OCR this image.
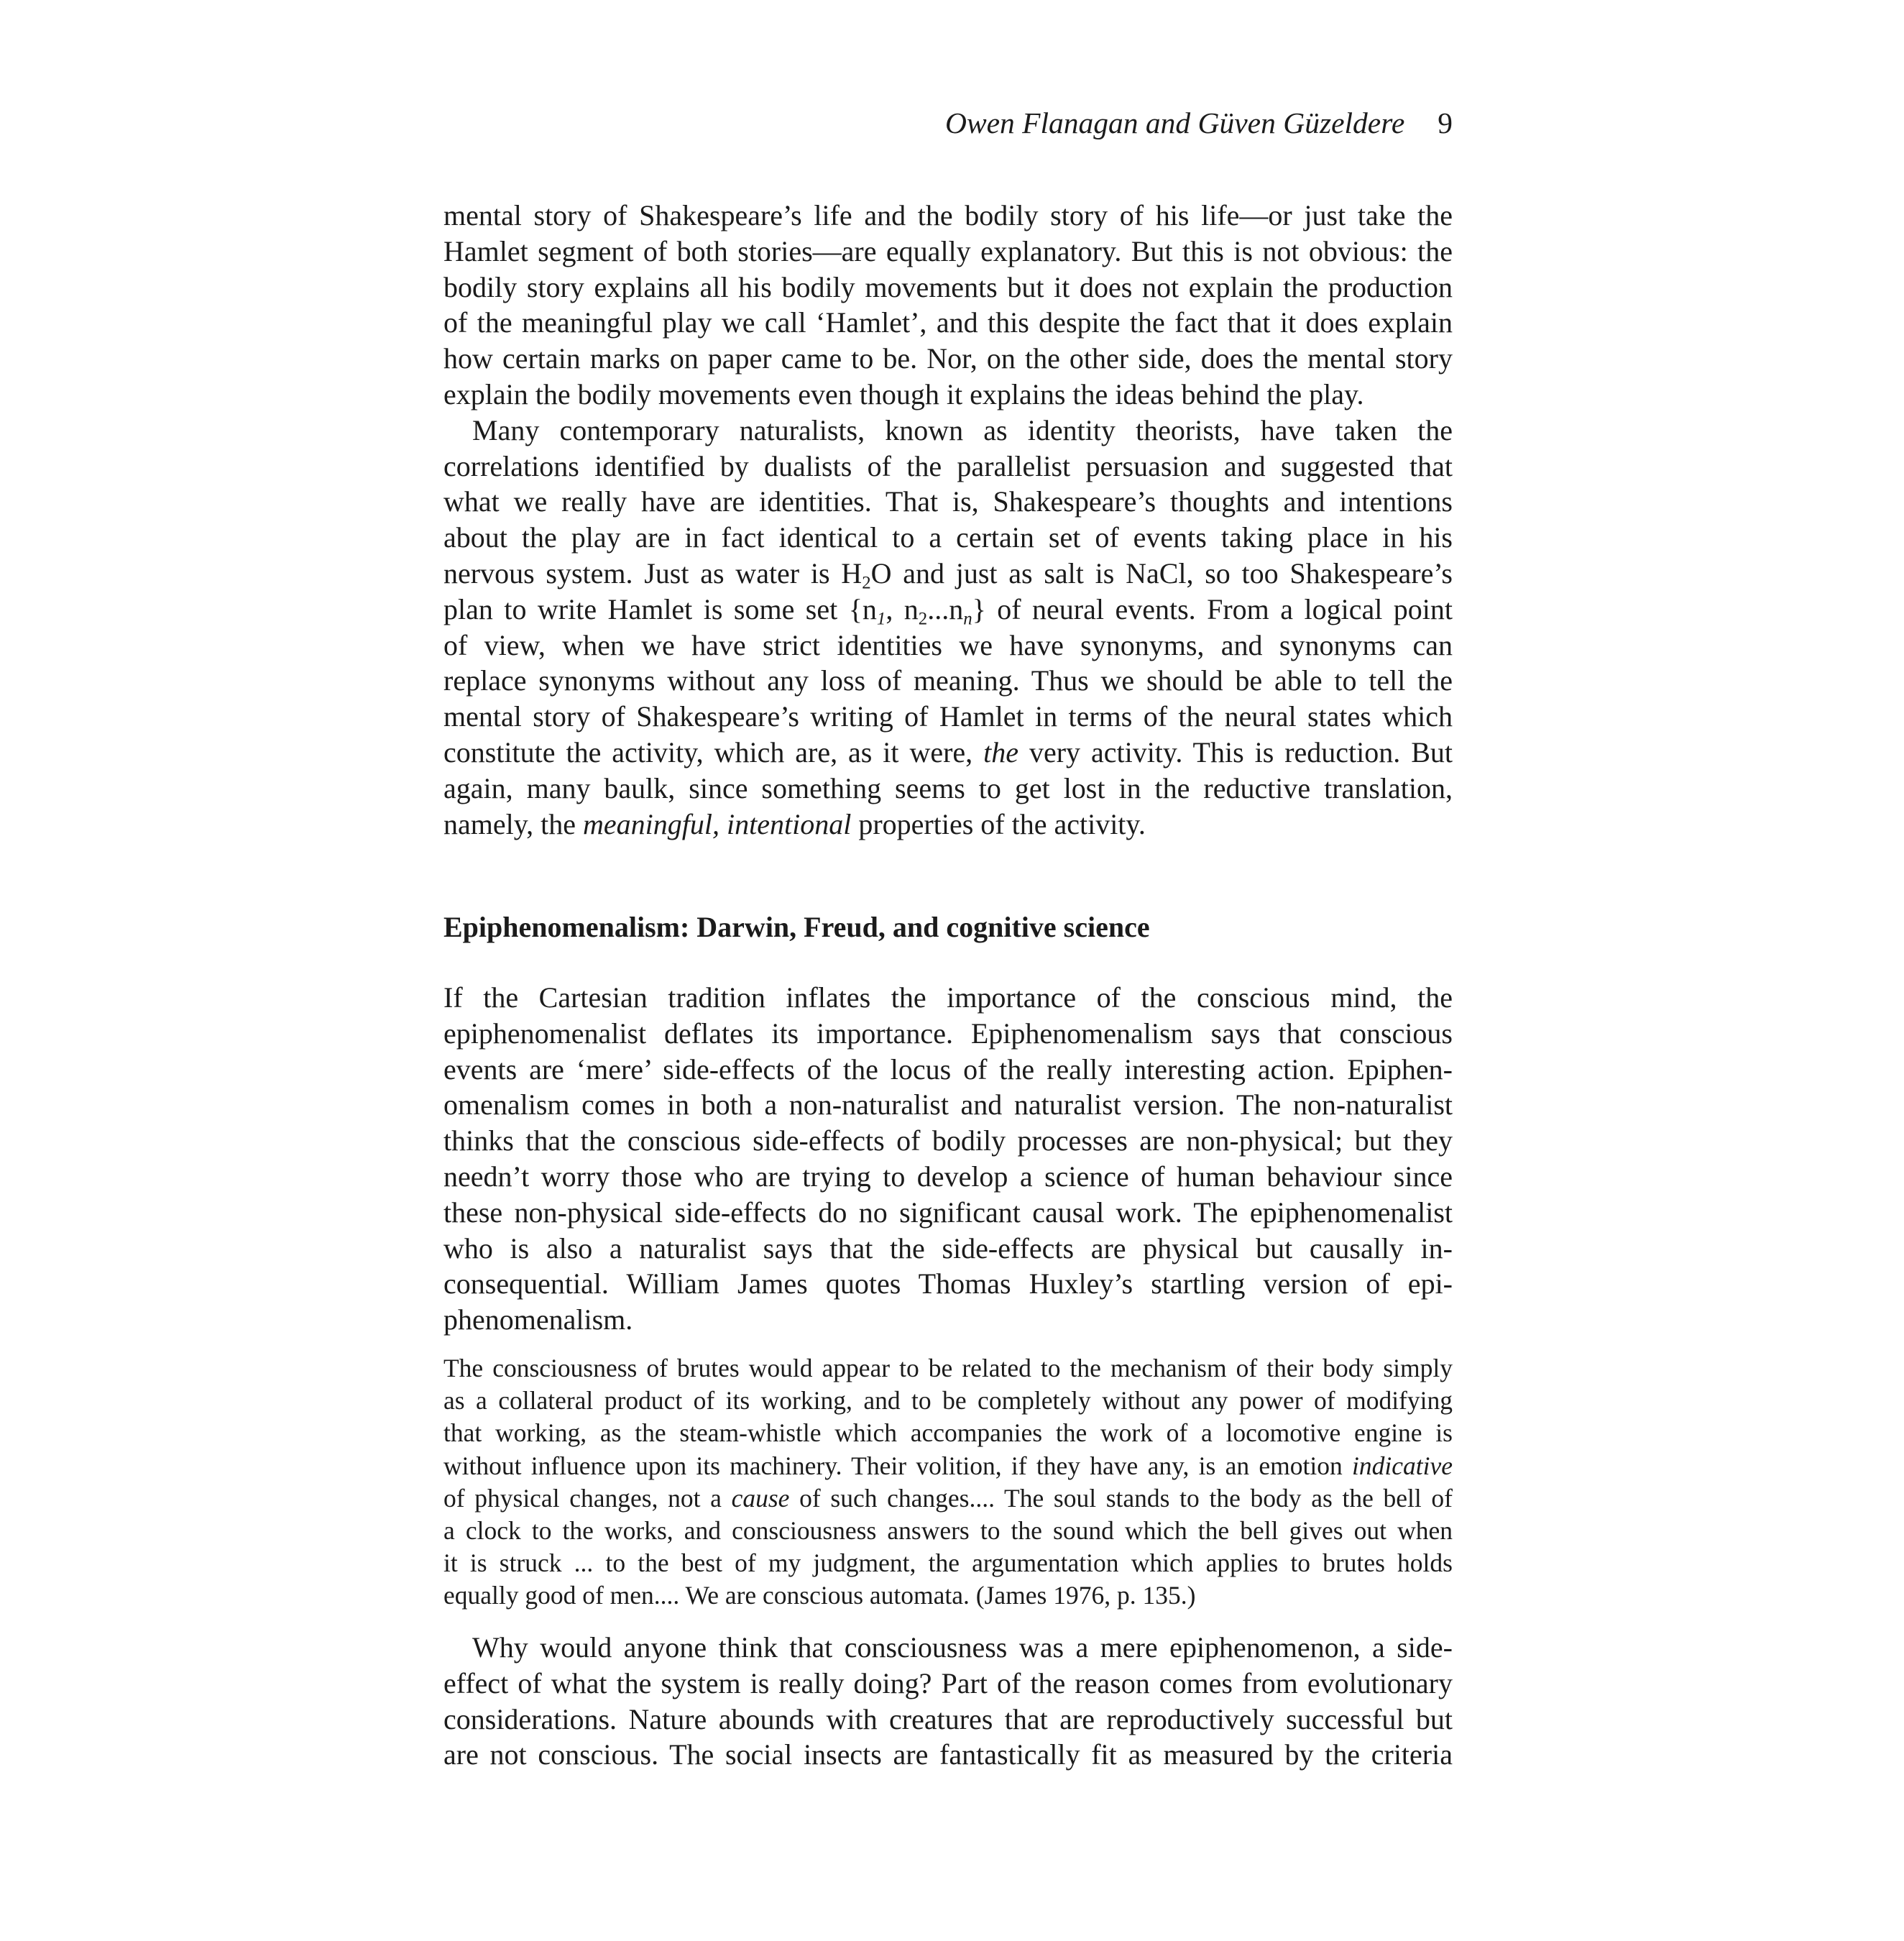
Owen Flanagan and Güven Güzeldere 9
mental story of Shakespeare’s life and the bodily story of his life—or just take the
Hamlet segment of both stories—are equally explanatory. But this is not obvious: the
bodily story explains all his bodily movements but it does not explain the production
of the meaningful play we call ‘Hamlet’, and this despite the fact that it does explain
how certain marks on paper came to be. Nor, on the other side, does the mental story
explain the bodily movements even though it explains the ideas behind the play.
Many contemporary naturalists, known as identity theorists, have taken the
correlations identified by dualists of the parallelist persuasion and suggested that
what we really have are identities. That is, Shakespeare’s thoughts and intentions
about the play are in fact identical to a certain set of events taking place in his
nervous system. Just as water is H2O and just as salt is NaCl, so too Shakespeare’s
plan to write Hamlet is some set {n1, n2...nn} of neural events. From a logical point
of view, when we have strict identities we have synonyms, and synonyms can
replace synonyms without any loss of meaning. Thus we should be able to tell the
mental story of Shakespeare’s writing of Hamlet in terms of the neural states which
constitute the activity, which are, as it were, the very activity. This is reduction. But
again, many baulk, since something seems to get lost in the reductive translation,
namely, the meaningful, intentional properties of the activity.
Epiphenomenalism: Darwin, Freud, and cognitive science
If the Cartesian tradition inflates the importance of the conscious mind, the
epiphenomenalist deflates its importance. Epiphenomenalism says that conscious
events are ‘mere’ side-effects of the locus of the really interesting action. Epiphen-
omenalism comes in both a non-naturalist and naturalist version. The non-naturalist
thinks that the conscious side-effects of bodily processes are non-physical; but they
needn’t worry those who are trying to develop a science of human behaviour since
these non-physical side-effects do no significant causal work. The epiphenomenalist
who is also a naturalist says that the side-effects are physical but causally in-
consequential. William James quotes Thomas Huxley’s startling version of epi-
phenomenalism.
The consciousness of brutes would appear to be related to the mechanism of their body simply
as a collateral product of its working, and to be completely without any power of modifying
that working, as the steam-whistle which accompanies the work of a locomotive engine is
without influence upon its machinery. Their volition, if they have any, is an emotion indicative
of physical changes, not a cause of such changes.... The soul stands to the body as the bell of
a clock to the works, and consciousness answers to the sound which the bell gives out when
it is struck ... to the best of my judgment, the argumentation which applies to brutes holds
equally good of men.... We are conscious automata. (James 1976, p. 135.)
Why would anyone think that consciousness was a mere epiphenomenon, a side-
effect of what the system is really doing? Part of the reason comes from evolutionary
considerations. Nature abounds with creatures that are reproductively successful but
are not conscious. The social insects are fantastically fit as measured by the criteria
